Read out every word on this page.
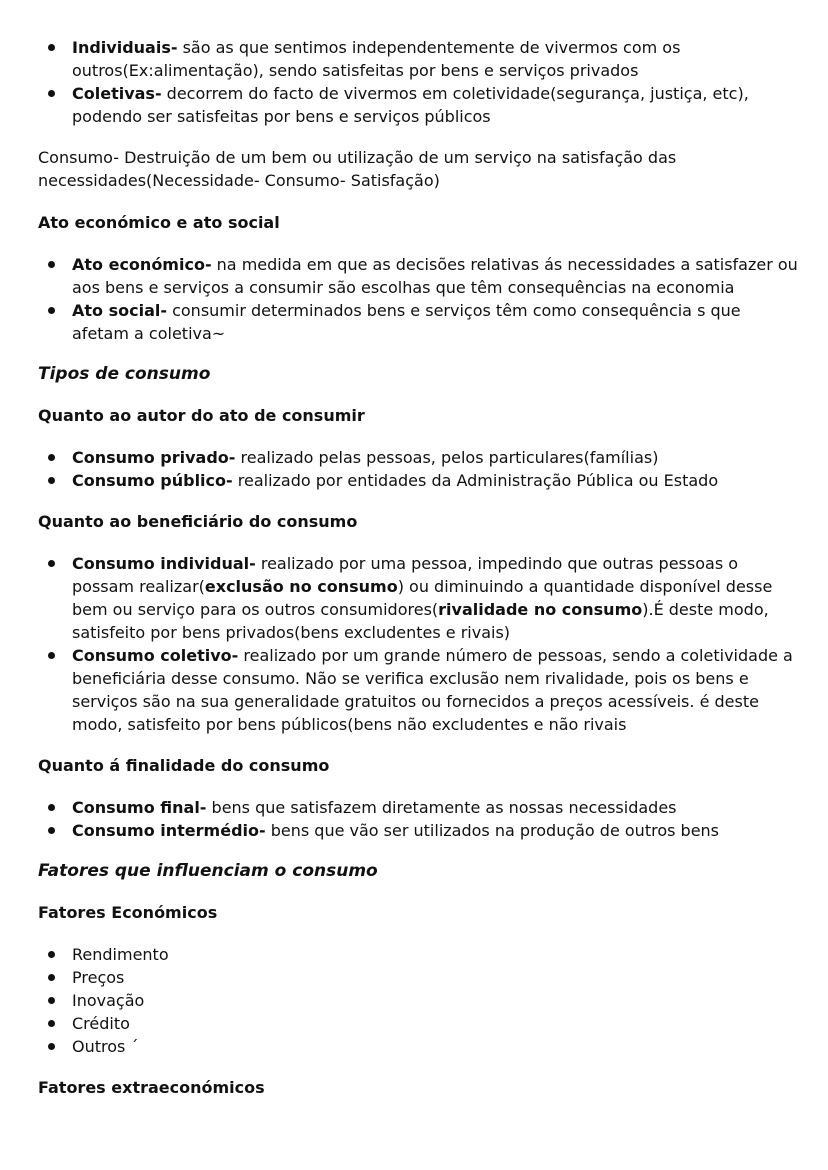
Individuais- são as que sentimos independentemente de vivermos com os outros(Ex:alimentação), sendo satisfeitas por bens e serviços privados
Coletivas- decorrem do facto de vivermos em coletividade(segurança, justiça, etc), podendo ser satisfeitas por bens e serviços públicos

Consumo- Destruição de um bem ou utilização de um serviço na satisfação das necessidades(Necessidade- Consumo- Satisfação)

Ato económico e ato social

Ato económico- na medida em que as decisões relativas ás necessidades a satisfazer ou aos bens e serviços a consumir são escolhas que têm consequências na economia
Ato social- consumir determinados bens e serviços têm como consequência s que afetam a coletiva~

Tipos de consumo

Quanto ao autor do ato de consumir

Consumo privado- realizado pelas pessoas, pelos particulares(famílias)
Consumo público- realizado por entidades da Administração Pública ou Estado

Quanto ao beneficiário do consumo

Consumo individual- realizado por uma pessoa, impedindo que outras pessoas o possam realizar(exclusão no consumo) ou diminuindo a quantidade disponível desse bem ou serviço para os outros consumidores(rivalidade no consumo).É deste modo, satisfeito por bens privados(bens excludentes e rivais)
Consumo coletivo- realizado por um grande número de pessoas, sendo a coletividade a beneficiária desse consumo. Não se verifica exclusão nem rivalidade, pois os bens e serviços são na sua generalidade gratuitos ou fornecidos a preços acessíveis. é deste modo, satisfeito por bens públicos(bens não excludentes e não rivais

Quanto á finalidade do consumo

Consumo final- bens que satisfazem diretamente as nossas necessidades
Consumo intermédio- bens que vão ser utilizados na produção de outros bens

Fatores que influenciam o consumo

Fatores Económicos

Rendimento
Preços
Inovação
Crédito
Outros ´

Fatores extraeconómicos
